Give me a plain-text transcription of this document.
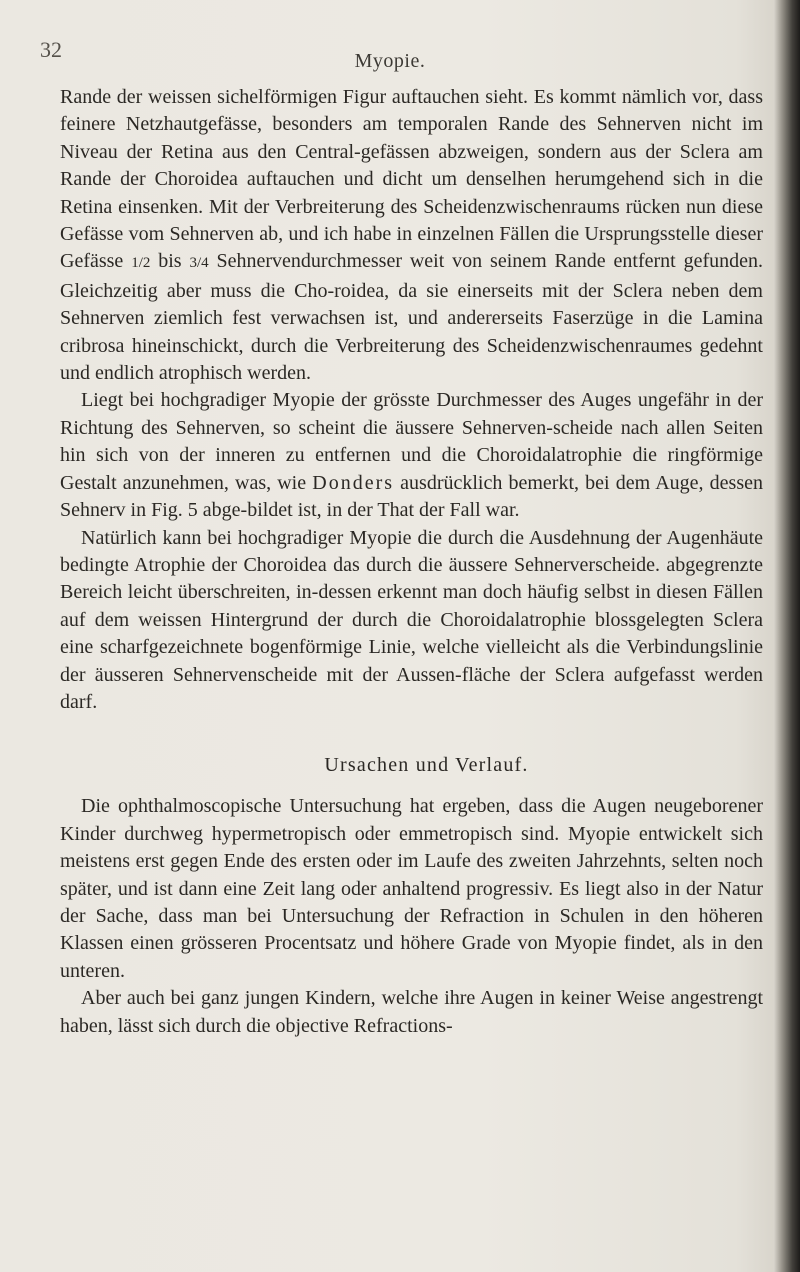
32	Myopie.

Rande der weissen sichelförmigen Figur auftauchen sieht. Es kommt nämlich vor, dass feinere Netzhautgefässe, besonders am temporalen Rande des Sehnerven nicht im Niveau der Retina aus den Central-gefässen abzweigen, sondern aus der Sclera am Rande der Choroidea auftauchen und dicht um denselhen herumgehend sich in die Retina einsenken. Mit der Verbreiterung des Scheidenzwischenraums rücken nun diese Gefässe vom Sehnerven ab, und ich habe in einzelnen Fällen die Ursprungsstelle dieser Gefässe 1/2 bis 3/4 Sehnervendurchmesser weit von seinem Rande entfernt gefunden. Gleichzeitig aber muss die Cho-roidea, da sie einerseits mit der Sclera neben dem Sehnerven ziemlich fest verwachsen ist, und andererseits Faserzüge in die Lamina cribrosa hineinschickt, durch die Verbreiterung des Scheidenzwischenraumes gedehnt und endlich atrophisch werden.

Liegt bei hochgradiger Myopie der grösste Durchmesser des Auges ungefähr in der Richtung des Sehnerven, so scheint die äussere Sehnerven-scheide nach allen Seiten hin sich von der inneren zu entfernen und die Choroidalatrophie die ringförmige Gestalt anzunehmen, was, wie Donders ausdrücklich bemerkt, bei dem Auge, dessen Sehnerv in Fig. 5 abge-bildet ist, in der That der Fall war.

Natürlich kann bei hochgradiger Myopie die durch die Ausdehnung der Augenhäute bedingte Atrophie der Choroidea das durch die äussere Sehnerverscheide. abgegrenzte Bereich leicht überschreiten, in-dessen erkennt man doch häufig selbst in diesen Fällen auf dem weissen Hintergrund der durch die Choroidalatrophie blossgelegten Sclera eine scharfgezeichnete bogenförmige Linie, welche vielleicht als die Verbindungslinie der äusseren Sehnervenscheide mit der Aussen-fläche der Sclera aufgefasst werden darf.

Ursachen und Verlauf.

Die ophthalmoscopische Untersuchung hat ergeben, dass die Augen neugeborener Kinder durchweg hypermetropisch oder emmetropisch sind. Myopie entwickelt sich meistens erst gegen Ende des ersten oder im Laufe des zweiten Jahrzehnts, selten noch später, und ist dann eine Zeit lang oder anhaltend progressiv. Es liegt also in der Natur der Sache, dass man bei Untersuchung der Refraction in Schulen in den höheren Klassen einen grösseren Procentsatz und höhere Grade von Myopie findet, als in den unteren.

Aber auch bei ganz jungen Kindern, welche ihre Augen in keiner Weise angestrengt haben, lässt sich durch die objective Refractions-
